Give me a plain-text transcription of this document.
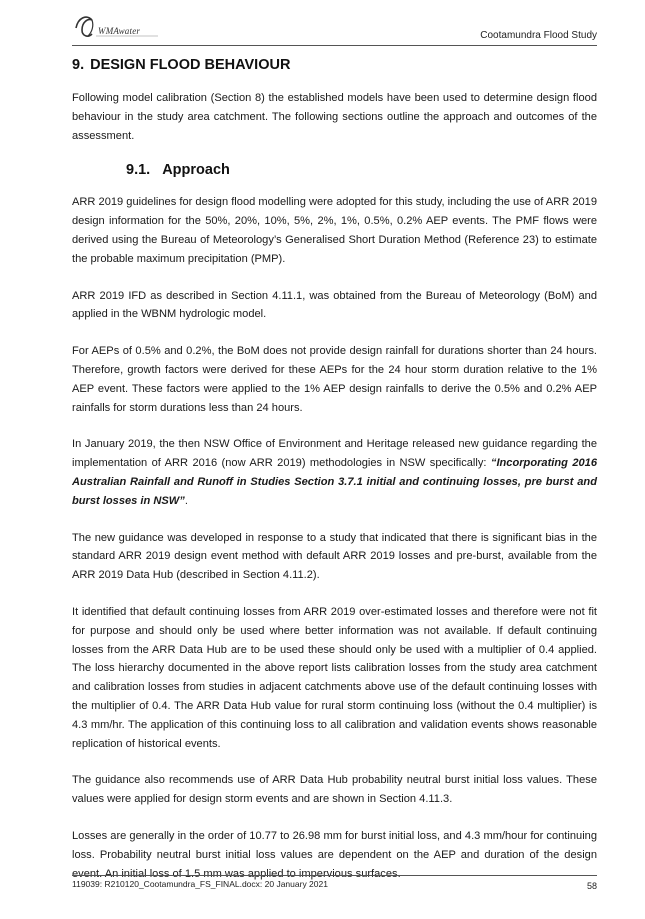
WMAwater	Cootamundra Flood Study
9. DESIGN FLOOD BEHAVIOUR

Following model calibration (Section 8) the established models have been used to determine design flood behaviour in the study area catchment. The following sections outline the approach and outcomes of the assessment.

9.1. Approach

ARR 2019 guidelines for design flood modelling were adopted for this study, including the use of ARR 2019 design information for the 50%, 20%, 10%, 5%, 2%, 1%, 0.5%, 0.2% AEP events. The PMF flows were derived using the Bureau of Meteorology’s Generalised Short Duration Method (Reference 23) to estimate the probable maximum precipitation (PMP).

ARR 2019 IFD as described in Section 4.11.1, was obtained from the Bureau of Meteorology (BoM) and applied in the WBNM hydrologic model.

For AEPs of 0.5% and 0.2%, the BoM does not provide design rainfall for durations shorter than 24 hours. Therefore, growth factors were derived for these AEPs for the 24 hour storm duration relative to the 1% AEP event. These factors were applied to the 1% AEP design rainfalls to derive the 0.5% and 0.2% AEP rainfalls for storm durations less than 24 hours.

In January 2019, the then NSW Office of Environment and Heritage released new guidance regarding the implementation of ARR 2016 (now ARR 2019) methodologies in NSW specifically: “Incorporating 2016 Australian Rainfall and Runoff in Studies Section 3.7.1 initial and continuing losses, pre burst and burst losses in NSW”.

The new guidance was developed in response to a study that indicated that there is significant bias in the standard ARR 2019 design event method with default ARR 2019 losses and pre-burst, available from the ARR 2019 Data Hub (described in Section 4.11.2).

It identified that default continuing losses from ARR 2019 over-estimated losses and therefore were not fit for purpose and should only be used where better information was not available. If default continuing losses from the ARR Data Hub are to be used these should only be used with a multiplier of 0.4 applied. The loss hierarchy documented in the above report lists calibration losses from the study area catchment and calibration losses from studies in adjacent catchments above use of the default continuing losses with the multiplier of 0.4. The ARR Data Hub value for rural storm continuing loss (without the 0.4 multiplier) is 4.3 mm/hr. The application of this continuing loss to all calibration and validation events shows reasonable replication of historical events.

The guidance also recommends use of ARR Data Hub probability neutral burst initial loss values. These values were applied for design storm events and are shown in Section 4.11.3.

Losses are generally in the order of 10.77 to 26.98 mm for burst initial loss, and 4.3 mm/hour for continuing loss. Probability neutral burst initial loss values are dependent on the AEP and duration of the design event. An initial loss of 1.5 mm was applied to impervious surfaces.

119039: R210120_Cootamundra_FS_FINAL.docx: 20 January 2021	58
